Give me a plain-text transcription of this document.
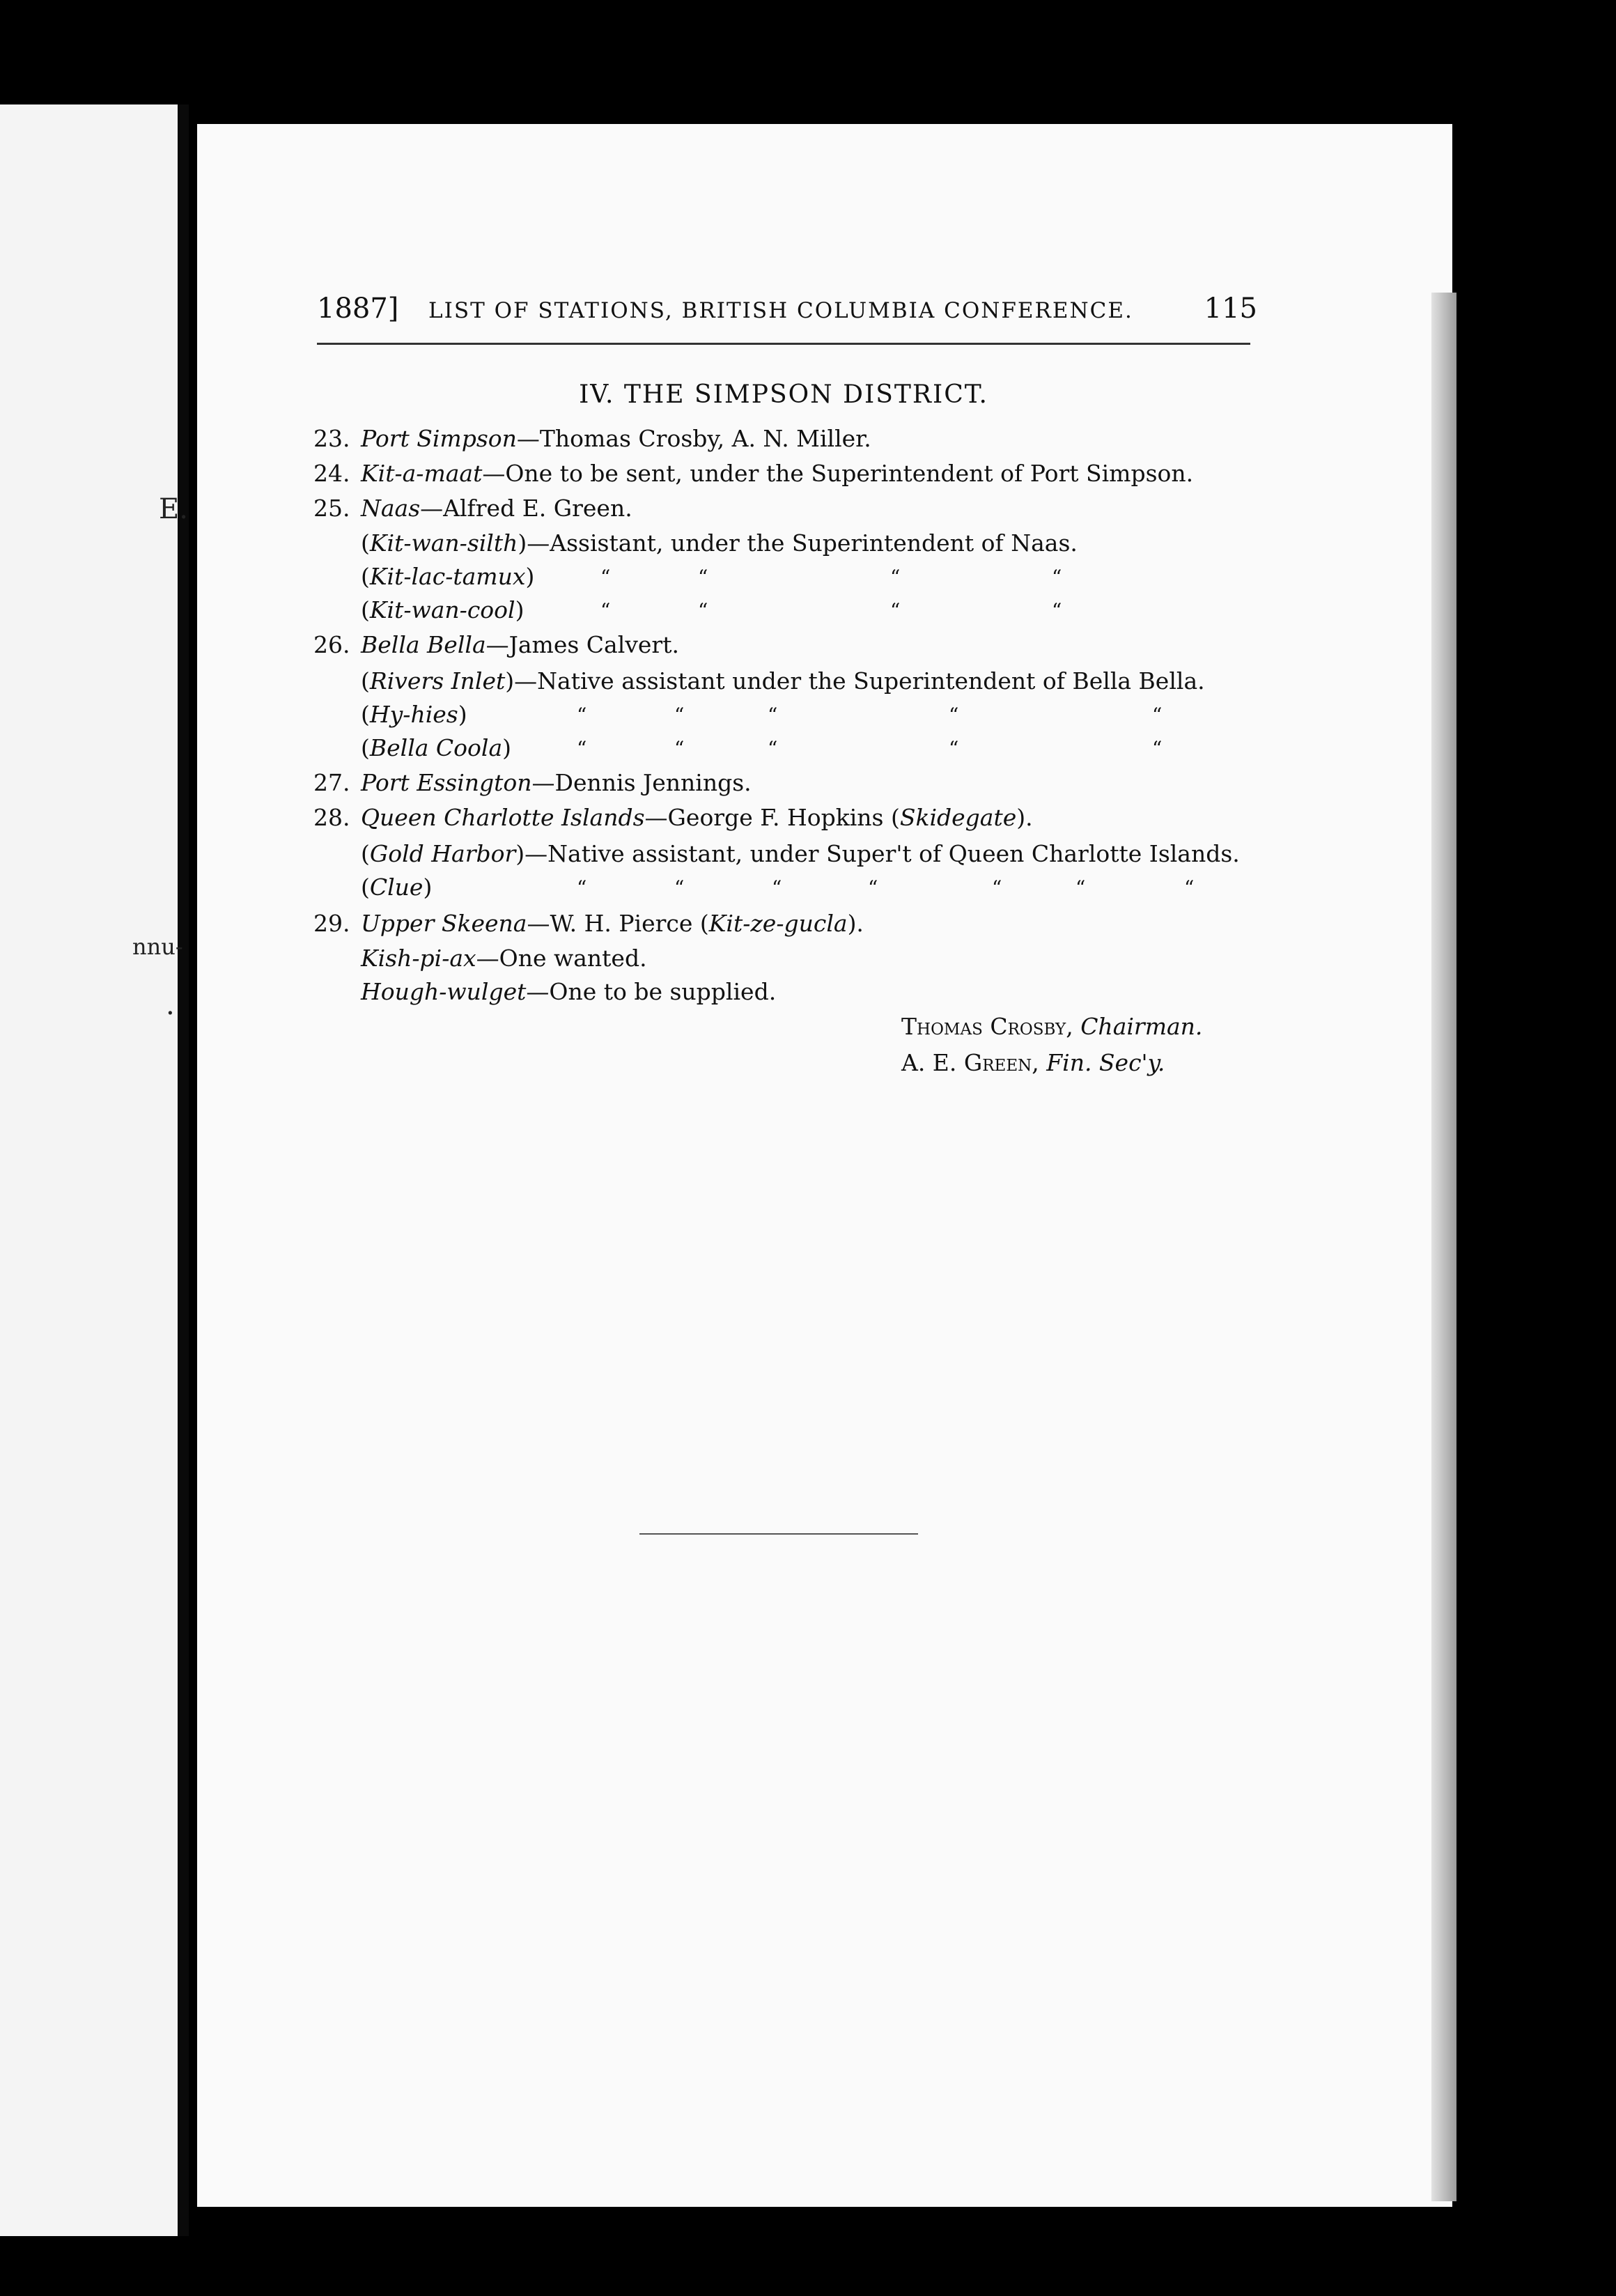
E.
nnu-
.
1887] LIST OF STATIONS, BRITISH COLUMBIA CONFERENCE.	115
IV. THE SIMPSON DISTRICT.
23. Port Simpson—Thomas Crosby, A. N. Miller.
24. Kit-a-maat—One to be sent, under the Superintendent of Port Simpson.
25. Naas—Alfred E. Green.
(Kit-wan-silth)—Assistant, under the Superintendent of Naas.
(Kit-lac-tamux)	“	“	“	“
(Kit-wan-cool)	“	“	“	“
26. Bella Bella—James Calvert.
(Rivers Inlet)—Native assistant under the Superintendent of Bella Bella.
(Hy-hies)	“	“	“	“	“
(Bella Coola)	“	“	“	“	“
27. Port Essington—Dennis Jennings.
28. Queen Charlotte Islands—George F. Hopkins (Skidegate).
(Gold Harbor)—Native assistant, under Super't of Queen Charlotte Islands.
(Clue)	“	“	“	“	“	“	“
29. Upper Skeena—W. H. Pierce (Kit-ze-gucla).
Kish-pi-ax—One wanted.
Hough-wulget—One to be supplied.
Thomas Crosby, Chairman.
A. E. Green, Fin. Sec'y.
